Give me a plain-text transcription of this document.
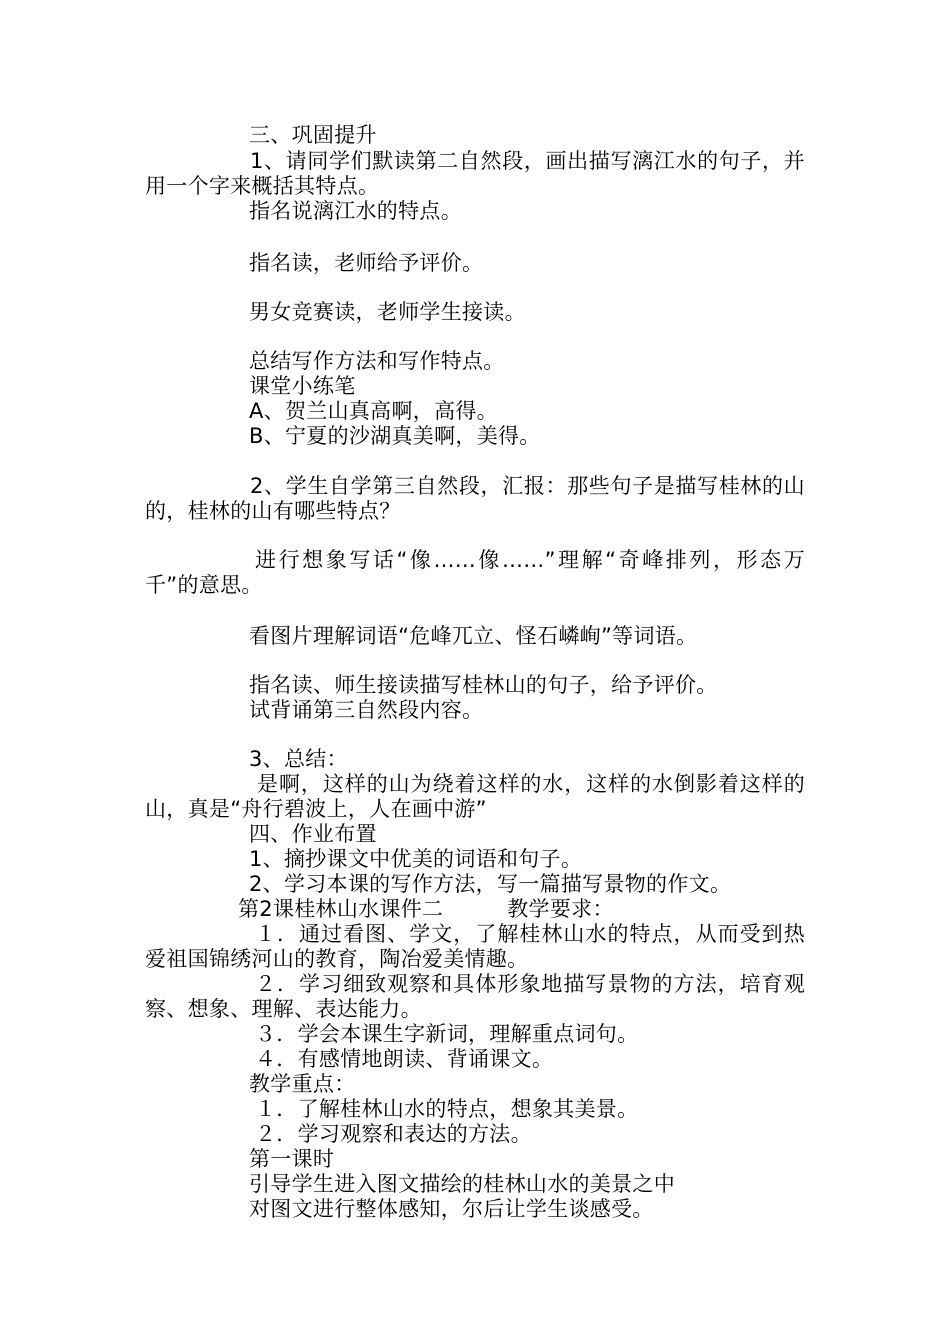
三、巩固提升
1、请同学们默读第二自然段，画出描写漓江水的句子，并用一个字来概括其特点。
指名说漓江水的特点。
指名读，老师给予评价。
男女竞赛读，老师学生接读。
总结写作方法和写作特点。
课堂小练笔
A、贺兰山真高啊，高得。
B、宁夏的沙湖真美啊，美得。
2、学生自学第三自然段，汇报：那些句子是描写桂林的山的，桂林的山有哪些特点？
进行想象写话“像……像……”理解“奇峰排列，形态万千”的意思。
看图片理解词语“危峰兀立、怪石嶙峋”等词语。
指名读、师生接读描写桂林山的句子，给予评价。
试背诵第三自然段内容。
3、总结：
是啊，这样的山为绕着这样的水，这样的水倒影着这样的山，真是“舟行碧波上，人在画中游”
四、作业布置
1、摘抄课文中优美的词语和句子。
2、学习本课的写作方法，写一篇描写景物的作文。
第2课桂林山水课件二　　　教学要求：
１．通过看图、学文，了解桂林山水的特点，从而受到热爱祖国锦绣河山的教育，陶冶爱美情趣。
２．学习细致观察和具体形象地描写景物的方法，培育观察、想象、理解、表达能力。
３．学会本课生字新词，理解重点词句。
４．有感情地朗读、背诵课文。
教学重点：
１．了解桂林山水的特点，想象其美景。
２．学习观察和表达的方法。
第一课时
引导学生进入图文描绘的桂林山水的美景之中
对图文进行整体感知，尔后让学生谈感受。
